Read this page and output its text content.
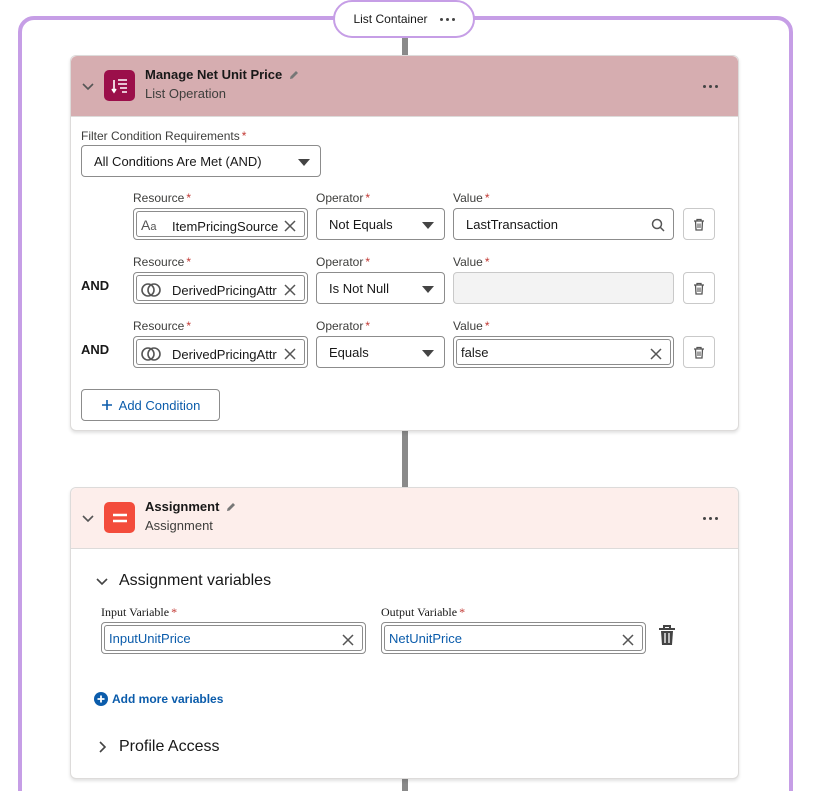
List Container
Manage Net Unit Price
List Operation
Filter Condition Requirements *
All Conditions Are Met (AND)
Resource *	Operator *	Value *
Aa ItemPricingSource	Not Equals	LastTransaction
AND
Resource *	Operator *	Value *
DerivedPricingAttr	Is Not Null
AND
Resource *	Operator *	Value *
DerivedPricingAttr	Equals	false
Add Condition
Assignment
Assignment
Assignment variables
Input Variable *
InputUnitPrice
Output Variable *
NetUnitPrice
Add more variables
Profile Access
